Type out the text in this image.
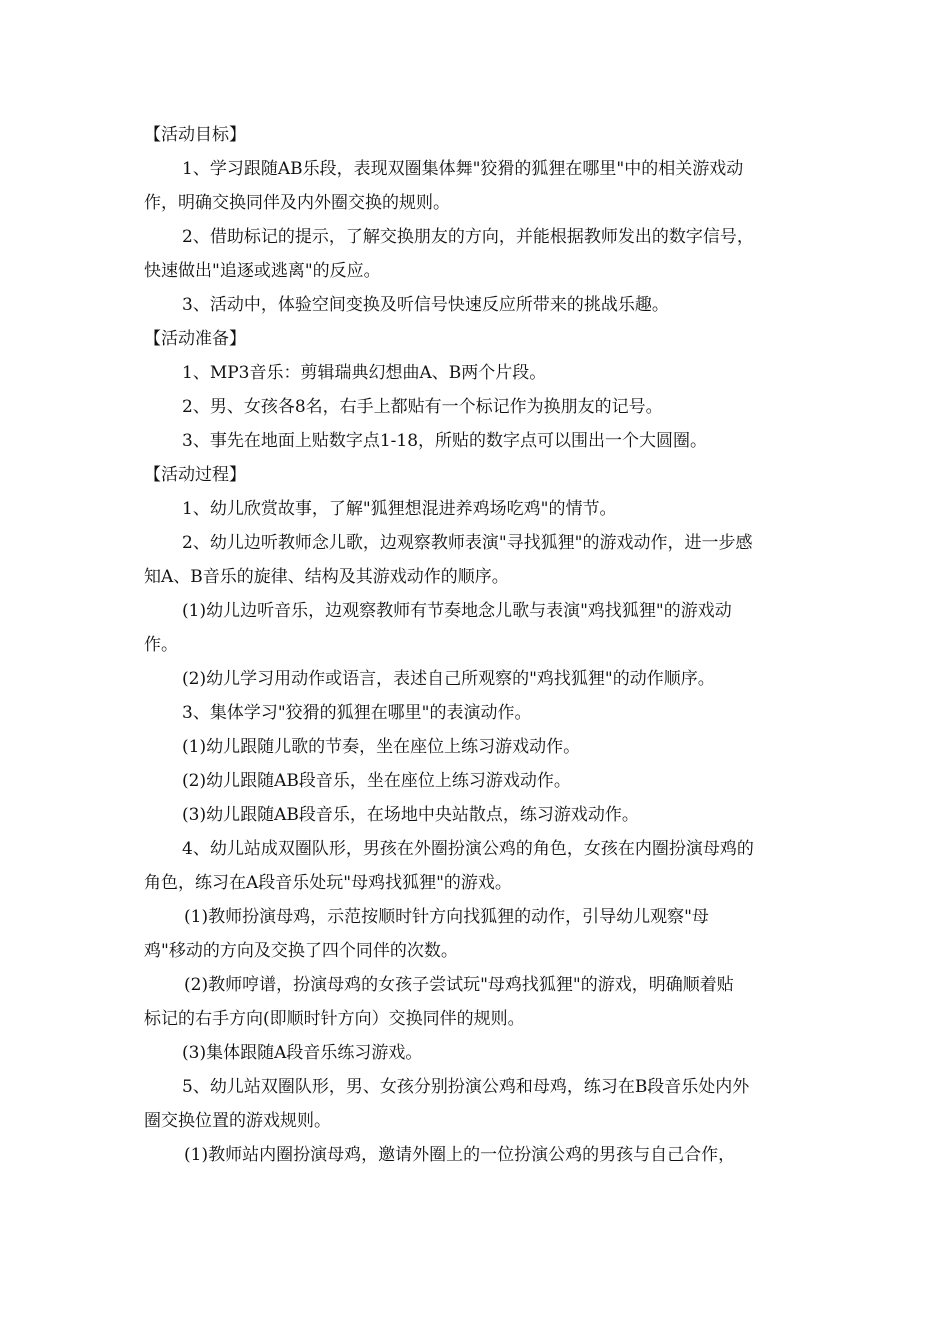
【活动目标】
1、学习跟随AB乐段，表现双圈集体舞"狡猾的狐狸在哪里"中的相关游戏动
作，明确交换同伴及内外圈交换的规则。
2、借助标记的提示，了解交换朋友的方向，并能根据教师发出的数字信号，
快速做出"追逐或逃离"的反应。
3、活动中，体验空间变换及听信号快速反应所带来的挑战乐趣。
【活动准备】
1、MP3音乐：剪辑瑞典幻想曲A、B两个片段。
2、男、女孩各8名，右手上都贴有一个标记作为换朋友的记号。
3、事先在地面上贴数字点1-18，所贴的数字点可以围出一个大圆圈。
【活动过程】
1、幼儿欣赏故事，了解"狐狸想混进养鸡场吃鸡"的情节。
2、幼儿边听教师念儿歌，边观察教师表演"寻找狐狸"的游戏动作，进一步感
知A、B音乐的旋律、结构及其游戏动作的顺序。
(1)幼儿边听音乐，边观察教师有节奏地念儿歌与表演"鸡找狐狸"的游戏动
作。
(2)幼儿学习用动作或语言，表述自己所观察的"鸡找狐狸"的动作顺序。
3、集体学习"狡猾的狐狸在哪里"的表演动作。
(1)幼儿跟随儿歌的节奏，坐在座位上练习游戏动作。
(2)幼儿跟随AB段音乐，坐在座位上练习游戏动作。
(3)幼儿跟随AB段音乐，在场地中央站散点，练习游戏动作。
4、幼儿站成双圈队形，男孩在外圈扮演公鸡的角色，女孩在内圈扮演母鸡的
角色，练习在A段音乐处玩"母鸡找狐狸"的游戏。
(1)教师扮演母鸡，示范按顺时针方向找狐狸的动作，引导幼儿观察"母
鸡"移动的方向及交换了四个同伴的次数。
(2)教师哼谱，扮演母鸡的女孩子尝试玩"母鸡找狐狸"的游戏，明确顺着贴
标记的右手方向(即顺时针方向）交换同伴的规则。
(3)集体跟随A段音乐练习游戏。
5、幼儿站双圈队形，男、女孩分别扮演公鸡和母鸡，练习在B段音乐处内外
圈交换位置的游戏规则。
(1)教师站内圈扮演母鸡，邀请外圈上的一位扮演公鸡的男孩与自己合作，
